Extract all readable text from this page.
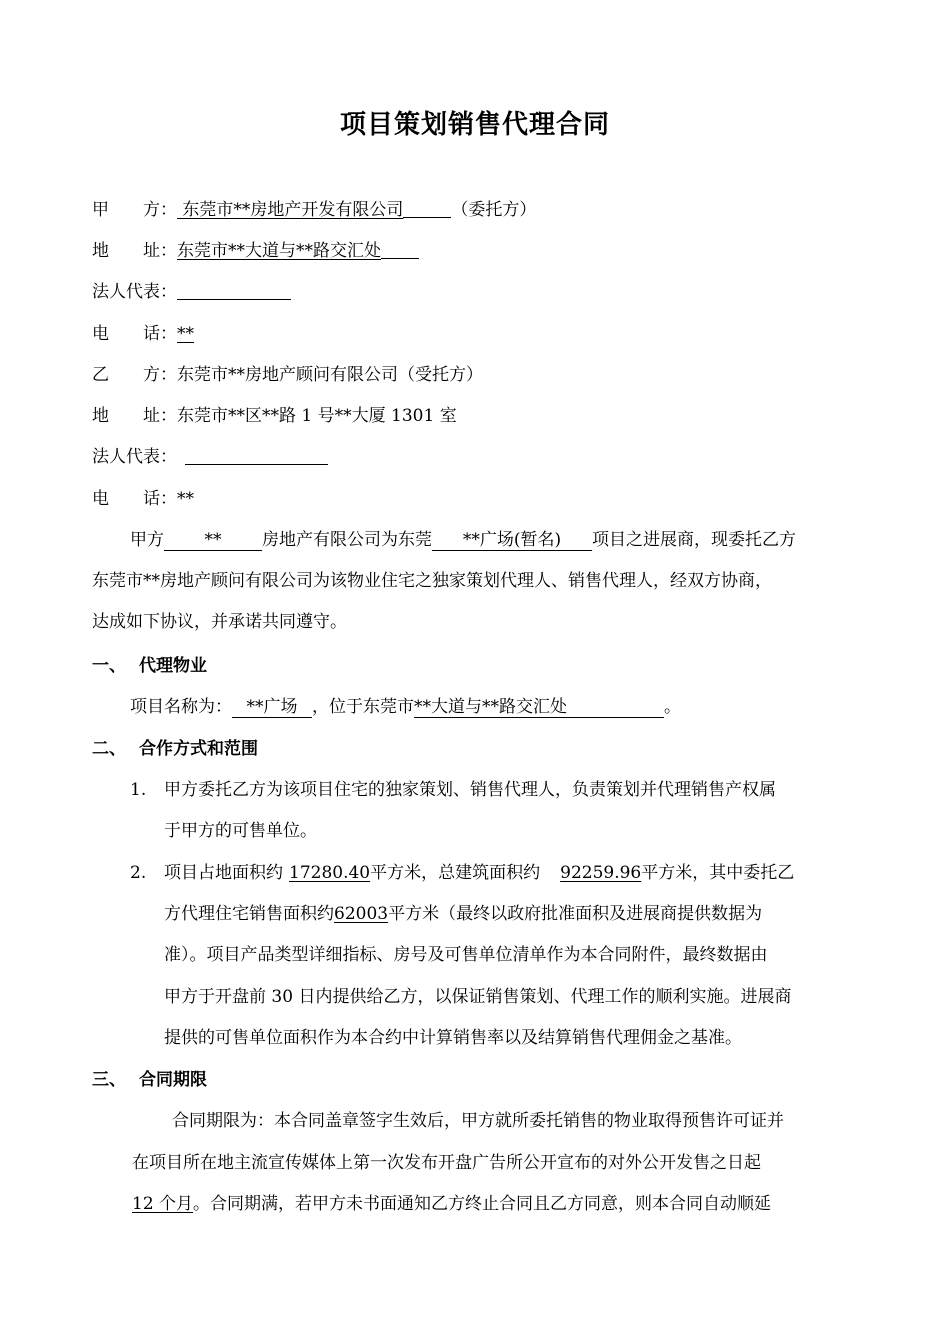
项目策划销售代理合同
甲　　方： 东莞市**房地产开发有限公司	（委托方）
地　　址：东莞市**大道与**路交汇处
法人代表：
电　　话：**
乙　　方：东莞市**房地产顾问有限公司（受托方）
地　　址：东莞市**区**路 1 号**大厦 1301 室
法人代表：
电　　话：**
甲方 ** 房地产有限公司为东莞 **广场(暂名) 项目之进展商，现委托乙方
东莞市**房地产顾问有限公司为该物业住宅之独家策划代理人、销售代理人，经双方协商，
达成如下协议，并承诺共同遵守。
一、 代理物业
项目名称为： **广场 ，位于东莞市**大道与**路交汇处	。
二、 合作方式和范围
1. 甲方委托乙方为该项目住宅的独家策划、销售代理人，负责策划并代理销售产权属
于甲方的可售单位。
2. 项目占地面积约 17280.40平方米，总建筑面积约 92259.96平方米，其中委托乙
方代理住宅销售面积约62003平方米（最终以政府批准面积及进展商提供数据为
准）。项目产品类型详细指标、房号及可售单位清单作为本合同附件，最终数据由
甲方于开盘前 30 日内提供给乙方，以保证销售策划、代理工作的顺利实施。进展商
提供的可售单位面积作为本合约中计算销售率以及结算销售代理佣金之基准。
三、 合同期限
合同期限为：本合同盖章签字生效后，甲方就所委托销售的物业取得预售许可证并
在项目所在地主流宣传媒体上第一次发布开盘广告所公开宣布的对外公开发售之日起
12 个月。合同期满，若甲方未书面通知乙方终止合同且乙方同意，则本合同自动顺延
